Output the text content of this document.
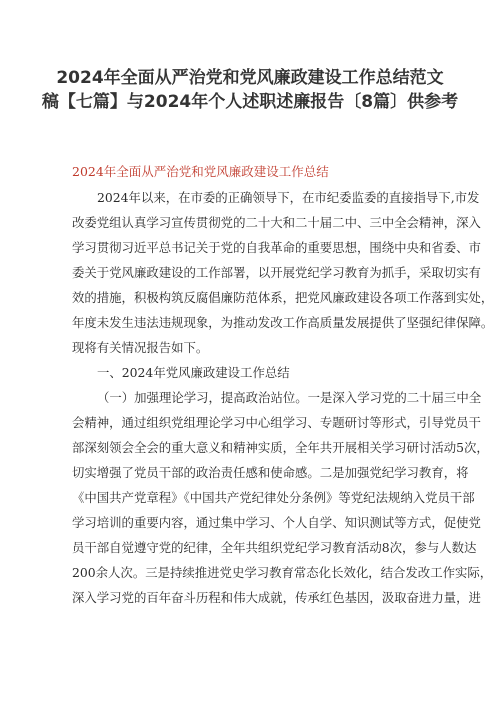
2024年全面从严治党和党风廉政建设工作总结范文
稿【七篇】与2024年个人述职述廉报告〔8篇〕供参考
2024年全面从严治党和党风廉政建设工作总结
2024年以来，在市委的正确领导下，在市纪委监委的直接指导下,市发
改委党组认真学习宣传贯彻党的二十大和二十届二中、三中全会精神，深入
学习贯彻习近平总书记关于党的自我革命的重要思想，围绕中央和省委、市
委关于党风廉政建设的工作部署，以开展党纪学习教育为抓手，采取切实有
效的措施，积极构筑反腐倡廉防范体系，把党风廉政建设各项工作落到实处，
年度未发生违法违规现象，为推动发改工作高质量发展提供了坚强纪律保障。
现将有关情况报告如下。
一、2024年党风廉政建设工作总结
（一）加强理论学习，提高政治站位。一是深入学习党的二十届三中全
会精神，通过组织党组理论学习中心组学习、专题研讨等形式，引导党员干
部深刻领会全会的重大意义和精神实质，全年共开展相关学习研讨活动5次，
切实增强了党员干部的政治责任感和使命感。二是加强党纪学习教育，将
《中国共产党章程》《中国共产党纪律处分条例》等党纪法规纳入党员干部
学习培训的重要内容，通过集中学习、个人自学、知识测试等方式，促使党
员干部自觉遵守党的纪律，全年共组织党纪学习教育活动8次，参与人数达
200余人次。三是持续推进党史学习教育常态化长效化，结合发改工作实际，
深入学习党的百年奋斗历程和伟大成就，传承红色基因，汲取奋进力量，进
